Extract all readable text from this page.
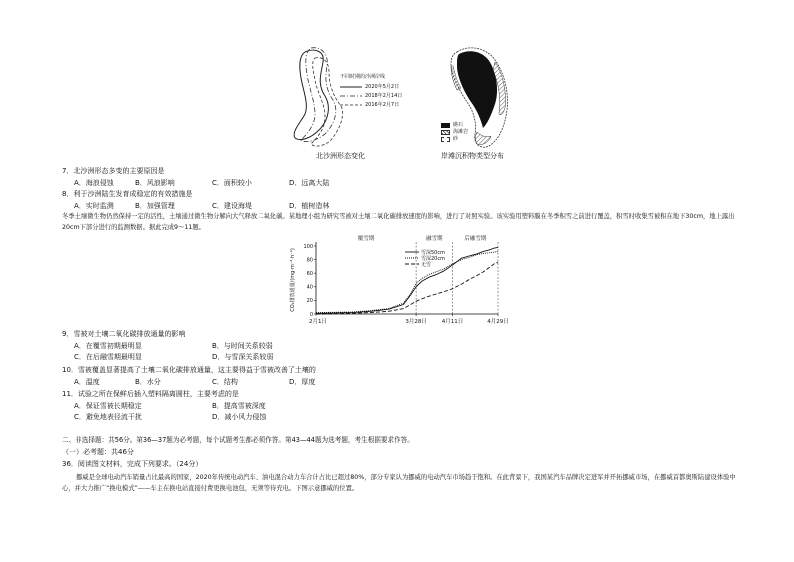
不同时期的沙洲岸线
2020年5月2日
2018年2月14日
2016年2月7日
北沙洲形态变化
礁石
海滩岩
砂
岸滩沉积物类型分布
7．北沙洲形态多变的主要原因是
A．海浪侵蚀	B．风浪影响	C．面积较小	D．远离大陆
8．利于沙洲陆生发育成稳定的有效措施是
A．实时监测	B．加强管理	C．建设海堤	D．植树造林
冬季土壤微生物仍然保持一定的活性，土壤通过微生物分解向大气释放二氧化碳。某地理小组为研究雪被对土壤二氧化碳排放速度的影响，进行了对照实验。该实验用塑料膜在冬季积雪之前进行覆盖，积雪时收集雪被积在地下30cm，地上露出20cm下部分进行的监测数据。据此完成9～11题。
0
20
40
60
80
100
CO₂排放通量/(mg·m⁻²·h⁻¹)
2月1日	3月28日	4月11日	4月29日
覆雪期	融雪期	后融雪期
雪深50cm
雪深20cm
无雪
9．雪被对土壤二氧化碳排放通量的影响
A．在覆雪初期最明显	B．与时间关系较弱
C．在后融雪期最明显	D．与雪深关系较弱
10．雪被覆盖显著提高了土壤二氧化碳排放通量，这主要得益于雪被改善了土壤的
A．温度	B．水分	C．结构	D．厚度
11．试验之所在保鲜后插入塑料隔离圆柱，主要考虑的是
A．保证雪被长期稳定	B．提高雪被深度
C．避免地表径流干扰	D．减小风力侵蚀
二、非选择题：共56分。第36—37题为必考题，每个试题考生都必须作答。第43—44题为选考题，考生根据要求作答。
（一）必考题：共46分
36．阅读图文材料，完成下列要求。（24分）
挪威是全球电动汽车销量占比最高的国家，2020年传统电动汽车、油电混合动力车合计占比已超过80%，部分专家认为挪威的电动汽车市场趋于饱和。在此背景下，我国某汽车品牌决定进军并开拓挪威市场，在挪威首都奥斯陆建设体验中心，并大力推广“换电模式”——车主在换电站直接付费更换电池包，无须等待充电。下图示意挪威的位置。
